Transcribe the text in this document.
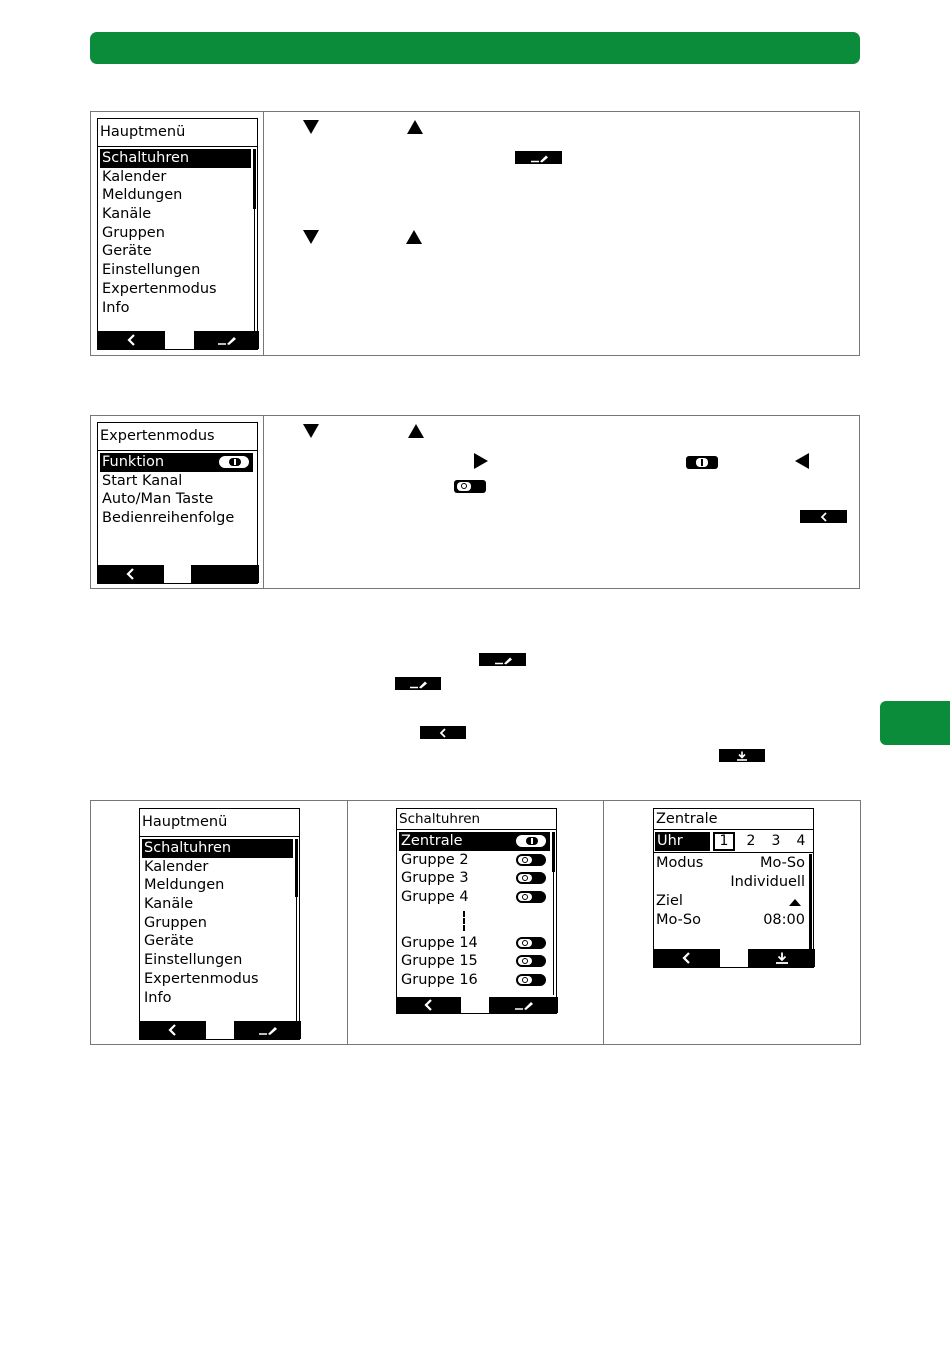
Hauptmenü
Schaltuhren
Kalender
Meldungen
Kanäle
Gruppen
Geräte
Einstellungen
Expertenmodus
Info
Expertenmodus
Funktion
Start Kanal
Auto/Man Taste
Bedienreihenfolge
Hauptmenü
Schaltuhren
Kalender
Meldungen
Kanäle
Gruppen
Geräte
Einstellungen
Expertenmodus
Info
Schaltuhren
Zentrale
Gruppe 2
Gruppe 3
Gruppe 4
Gruppe 14
Gruppe 15
Gruppe 16
Zentrale
Uhr	1	2	3	4
Modus	Mo-So
Individuell
Ziel
Mo-So	08:00
